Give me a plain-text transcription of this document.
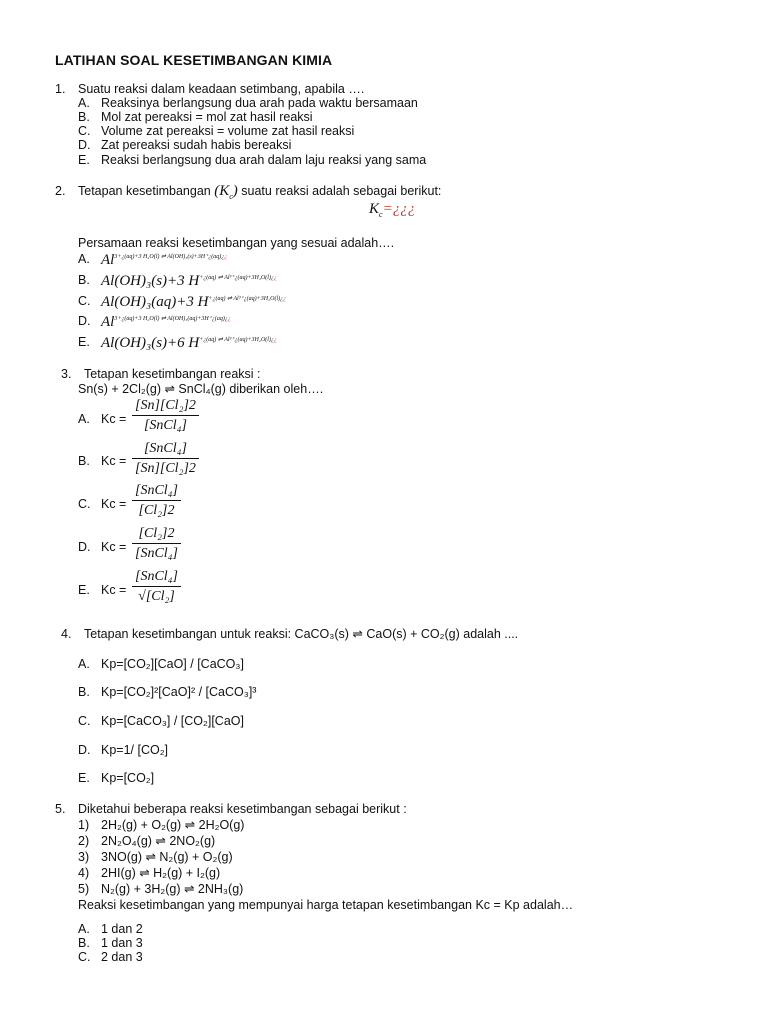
LATIHAN SOAL KESETIMBANGAN KIMIA
1. Suatu reaksi dalam keadaan setimbang, apabila ….
A. Reaksinya berlangsung dua arah pada waktu bersamaan
B. Mol zat pereaksi = mol zat hasil reaksi
C. Volume zat pereaksi = volume zat hasil reaksi
D. Zat pereaksi sudah habis bereaksi
E. Reaksi berlangsung dua arah dalam laju reaksi yang sama
2. Tetapan kesetimbangan $(K_c)$ suatu reaksi adalah sebagai berikut:
$K_c=¿¿¿$
Persamaan reaksi kesetimbangan yang sesuai adalah….
A. $Al^{3+¿(aq)+3 H_2O(l) \rightleftharpoons Al(OH)_3(s)+3H^+¿(aq)¿¿}$
B. Al(OH)₃(s)+3 $H^{+¿(aq) \rightleftharpoons Al^{3+}¿(aq)+3H_2O(l)¿¿}$
C. Al(OH)₃(aq)+3 $H^{+¿(aq) \rightleftharpoons Al^{3+}¿(aq)+3H_2O(l)¿¿}$
D. $Al^{3+¿(aq)+3 H_2O(l) \rightleftharpoons Al(OH)_3(aq)+3H^+¿(aq)¿¿}$
E. Al(OH)₃(s)+6 $H^{+¿(aq) \rightleftharpoons Al^{3+}¿(aq)+3H_2O(l)¿¿}$
3. Tetapan kesetimbangan reaksi :
Sn(s) + 2Cl₂(g) ⇌ SnCl₄(g) diberikan oleh….
A. Kc =
[Sn][Cl₂]2
[SnCl₄]
B. Kc =
[SnCl₄]
[Sn][Cl₂]2
C. Kc =
[SnCl₄]
[Cl₂]2
D. Kc =
[Cl₂]2
[SnCl₄]
E. Kc =
[SnCl₄]
√[Cl₂]
4. Tetapan kesetimbangan untuk reaksi: CaCO₃(s) ⇌ CaO(s) + CO₂(g) adalah ....
A. Kp=[CO₂][CaO] / [CaCO₃]
B. Kp=[CO₂]²[CaO]² / [CaCO₃]³
C. Kp=[CaCO₃] / [CO₂][CaO]
D. Kp=1/ [CO₂]
E. Kp=[CO₂]
5. Diketahui beberapa reaksi kesetimbangan sebagai berikut :
1) 2H₂(g) + O₂(g) ⇌ 2H₂O(g)
2) 2N₂O₄(g) ⇌ 2NO₂(g)
3) 3NO(g) ⇌ N₂(g) + O₂(g)
4) 2HI(g) ⇌ H₂(g) + I₂(g)
5) N₂(g) + 3H₂(g) ⇌ 2NH₃(g)
Reaksi kesetimbangan yang mempunyai harga tetapan kesetimbangan Kc = Kp adalah…
A. 1 dan 2
B. 1 dan 3
C. 2 dan 3
